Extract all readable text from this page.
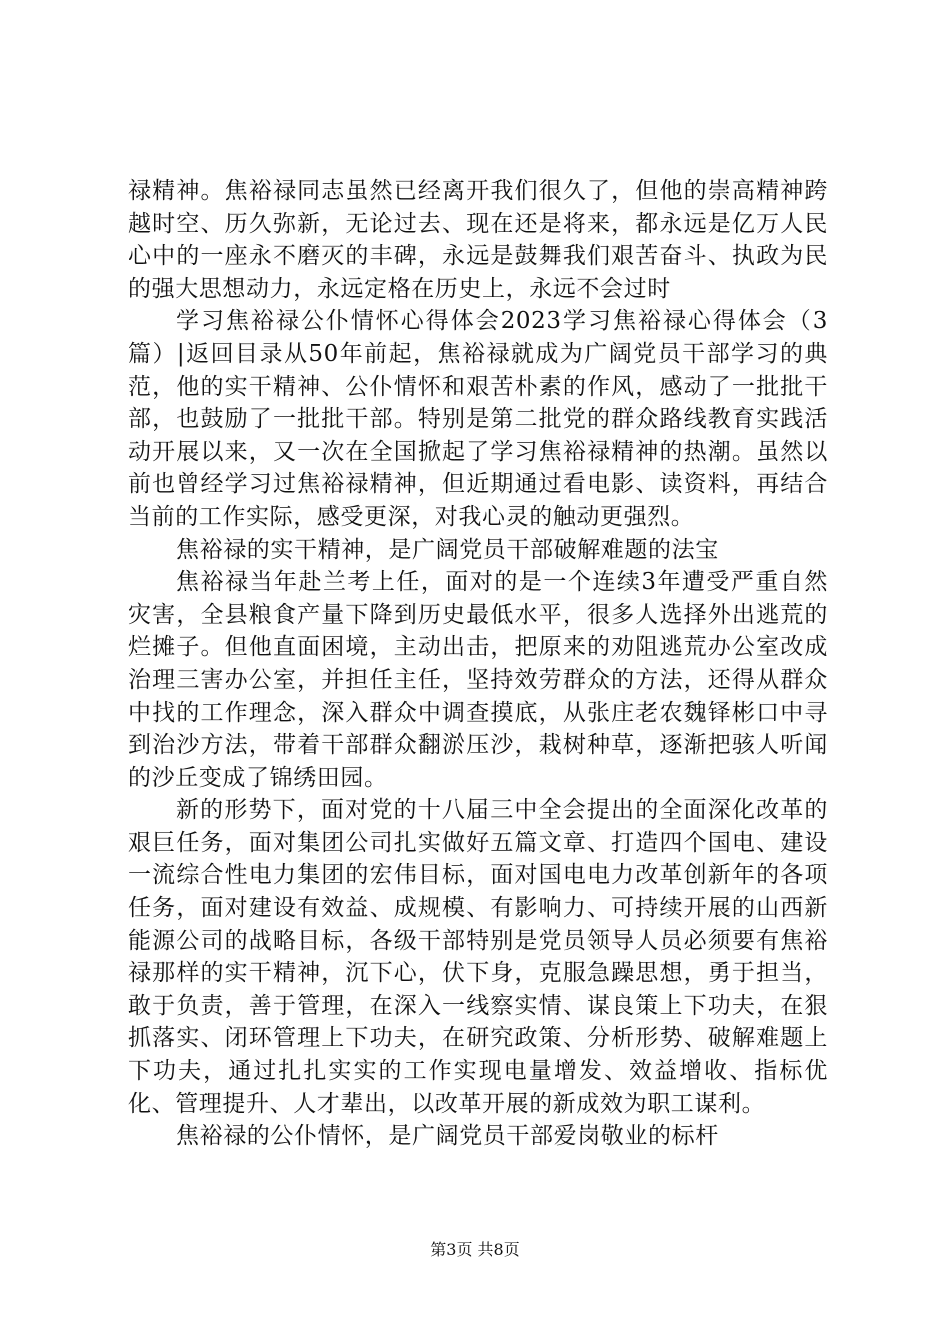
禄精神。焦裕禄同志虽然已经离开我们很久了，但他的崇高精神跨越时空、历久弥新，无论过去、现在还是将来，都永远是亿万人民心中的一座永不磨灭的丰碑，永远是鼓舞我们艰苦奋斗、执政为民的强大思想动力，永远定格在历史上，永远不会过时

学习焦裕禄公仆情怀心得体会2023学习焦裕禄心得体会（3篇）|返回目录从50年前起，焦裕禄就成为广阔党员干部学习的典范，他的实干精神、公仆情怀和艰苦朴素的作风，感动了一批批干部，也鼓励了一批批干部。特别是第二批党的群众路线教育实践活动开展以来，又一次在全国掀起了学习焦裕禄精神的热潮。虽然以前也曾经学习过焦裕禄精神，但近期通过看电影、读资料，再结合当前的工作实际，感受更深，对我心灵的触动更强烈。

焦裕禄的实干精神，是广阔党员干部破解难题的法宝

焦裕禄当年赴兰考上任，面对的是一个连续3年遭受严重自然灾害，全县粮食产量下降到历史最低水平，很多人选择外出逃荒的烂摊子。但他直面困境，主动出击，把原来的劝阻逃荒办公室改成治理三害办公室，并担任主任，坚持效劳群众的方法，还得从群众中找的工作理念，深入群众中调查摸底，从张庄老农魏铎彬口中寻到治沙方法，带着干部群众翻淤压沙，栽树种草，逐渐把骇人听闻的沙丘变成了锦绣田园。

新的形势下，面对党的十八届三中全会提出的全面深化改革的艰巨任务，面对集团公司扎实做好五篇文章、打造四个国电、建设一流综合性电力集团的宏伟目标，面对国电电力改革创新年的各项任务，面对建设有效益、成规模、有影响力、可持续开展的山西新能源公司的战略目标，各级干部特别是党员领导人员必须要有焦裕禄那样的实干精神，沉下心，伏下身，克服急躁思想，勇于担当，敢于负责，善于管理，在深入一线察实情、谋良策上下功夫，在狠抓落实、闭环管理上下功夫，在研究政策、分析形势、破解难题上下功夫，通过扎扎实实的工作实现电量增发、效益增收、指标优化、管理提升、人才辈出，以改革开展的新成效为职工谋利。

焦裕禄的公仆情怀，是广阔党员干部爱岗敬业的标杆

第3页 共8页
